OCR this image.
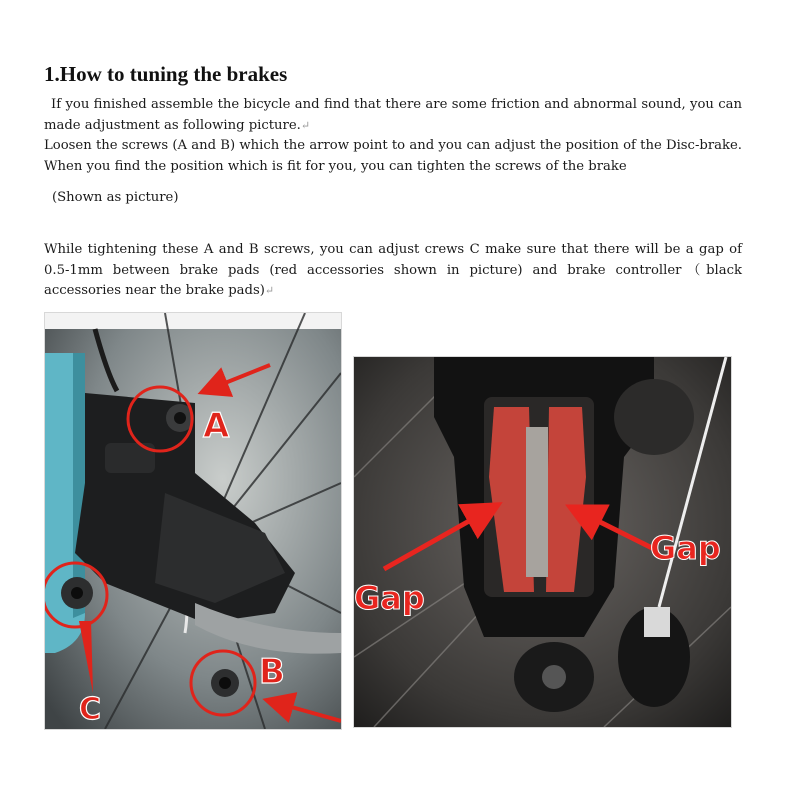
1.How to tuning the brakes

If you finished assemble the bicycle and find that there are some friction and abnormal sound, you can made adjustment as following picture.↵

Loosen the screws (A and B) which the arrow point to and you can adjust the position of the Disc-brake. When you find the position which is fit for you, you can tighten the screws of the brake

(Shown as picture)

While tightening these A and B screws, you can adjust crews C make sure that there will be a gap of 0.5-1mm between brake pads (red accessories shown in picture) and brake controller（black accessories near the brake pads)↵

A
B
C
Gap
Gap
